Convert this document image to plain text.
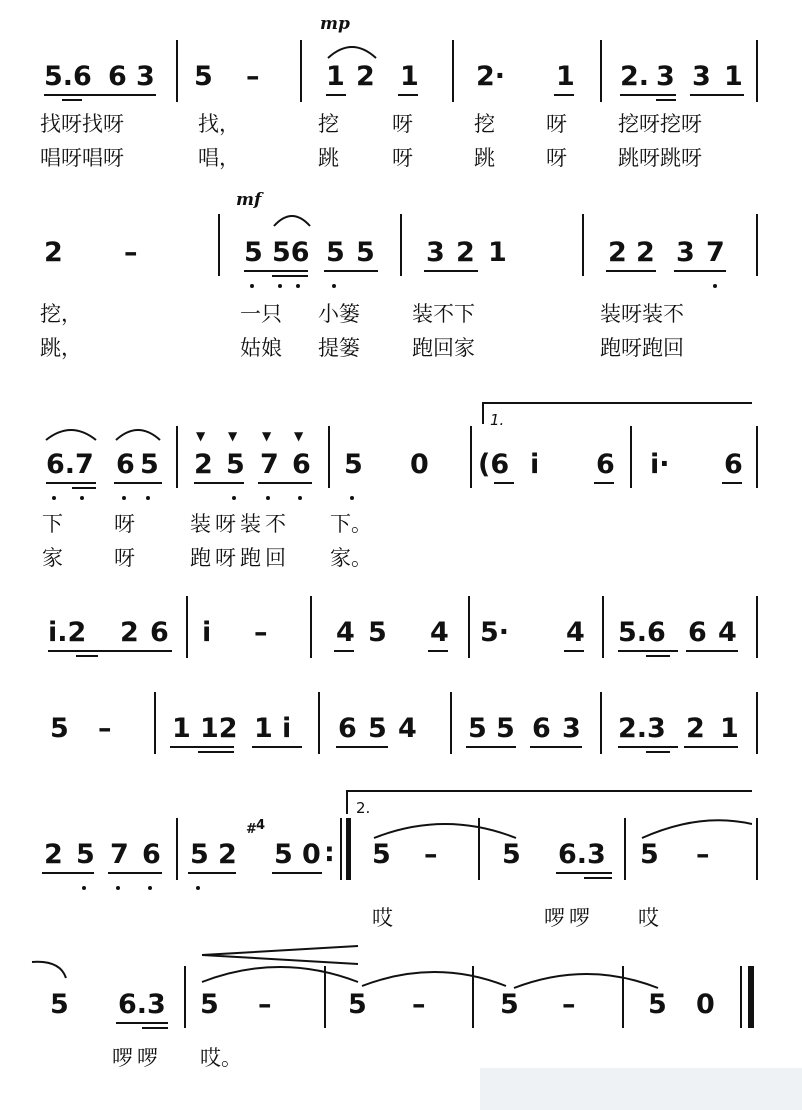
mp
5.6 6 3 5 – 1 2 1 2· 1 2. 3 3 1
找呀找呀	找，	挖	呀	挖 呀 挖呀挖呀
唱呀唱呀	唱，	跳	呀	跳 呀 跳呀跳呀
mf
2 –	5 56 5 5 3 2 1	2 2 3 7
挖，	一只 小篓 装不下	装呀装不
跳，	姑娘 提篓 跑回家	跑呀跑回
1.
▼ ▼ ▼ ▼
6.7 6 5 2 5 7 6 5 0 (6 i 6 i· 6
下 呀	装呀装不 下。
家 呀	跑呀跑回 家。
i.2 2 6 i –	4 5 4 5· 4 5.6 6 4
5 – 1 12 1 i 6 5 4 5 5 6 3 2.3 2 1
2.
2 5 7 6 5 2
# 4
5 0 : 5 – 5 6.3 5 –
哎	啰啰 哎
5 6.3 5 –	5 –	5 –	5 0
啰啰 哎。
